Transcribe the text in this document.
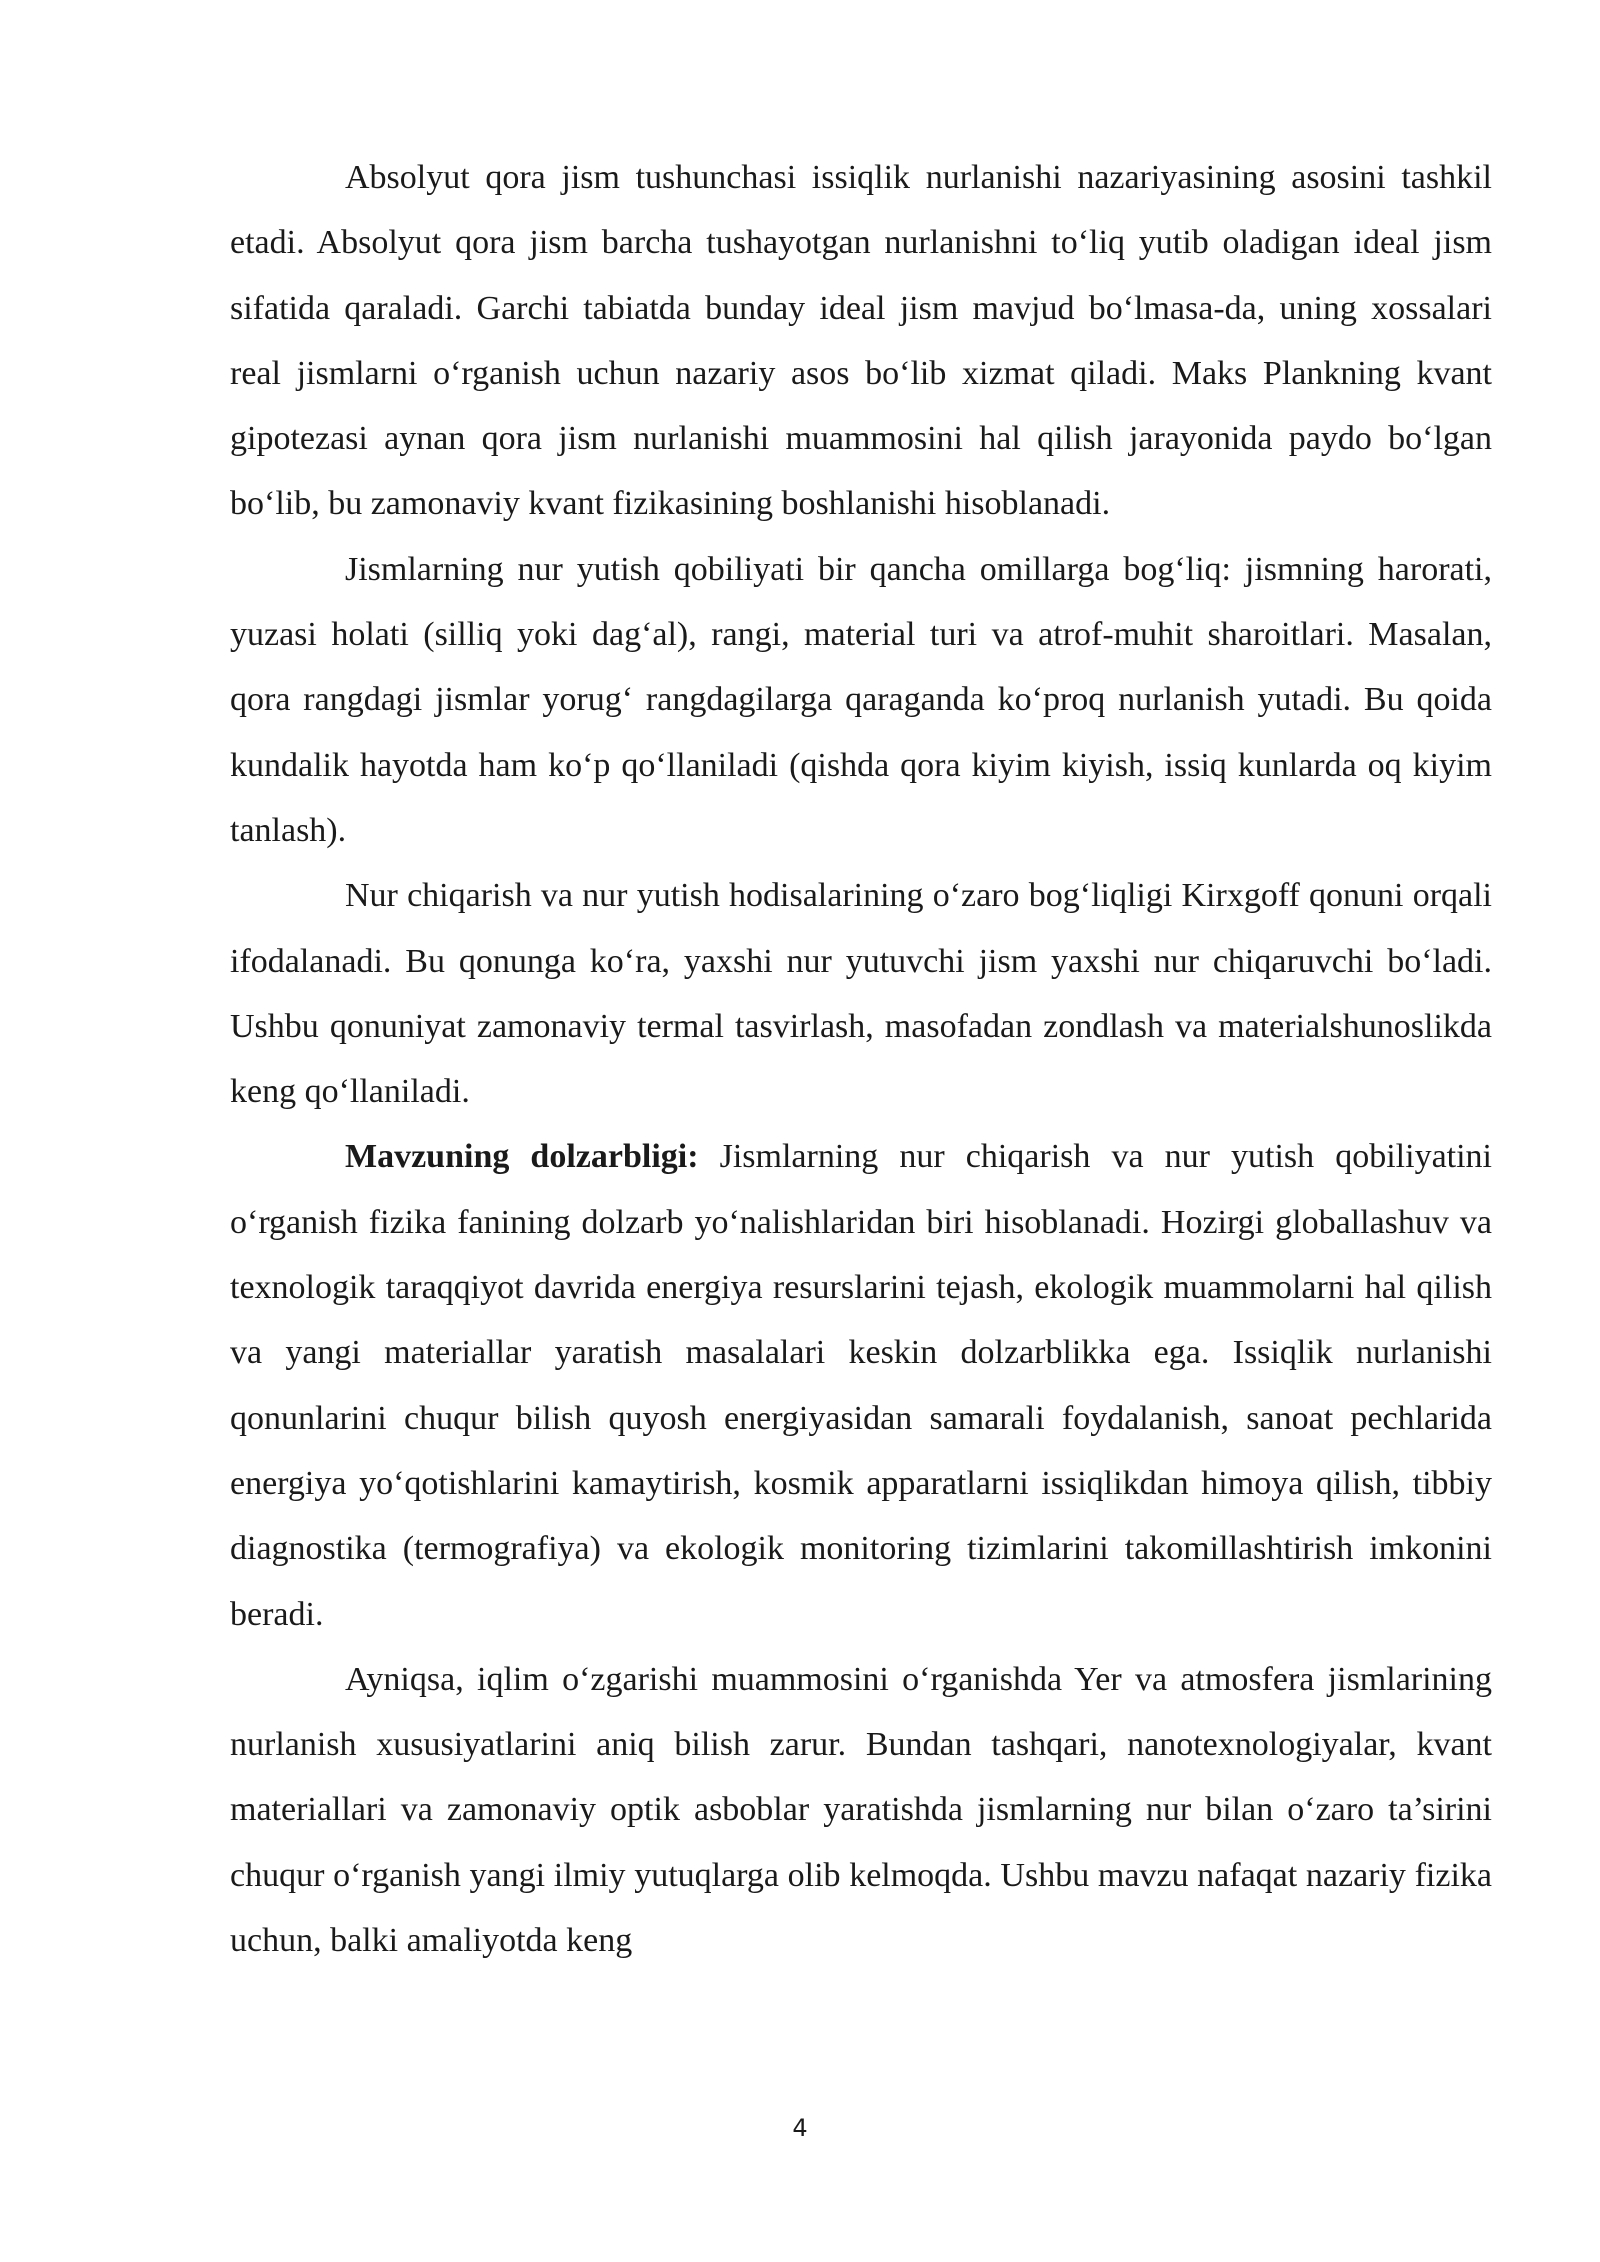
Absolyut qora jism tushunchasi issiqlik nurlanishi nazariyasining asosini tashkil etadi. Absolyut qora jism barcha tushayotgan nurlanishni to‘liq yutib oladigan ideal jism sifatida qaraladi. Garchi tabiatda bunday ideal jism mavjud bo‘lmasa-da, uning xossalari real jismlarni o‘rganish uchun nazariy asos bo‘lib xizmat qiladi. Maks Plankning kvant gipotezasi aynan qora jism nurlanishi muammosini hal qilish jarayonida paydo bo‘lgan bo‘lib, bu zamonaviy kvant fizikasining boshlanishi hisoblanadi.

Jismlarning nur yutish qobiliyati bir qancha omillarga bog‘liq: jismning harorati, yuzasi holati (silliq yoki dag‘al), rangi, material turi va atrof-muhit sharoitlari. Masalan, qora rangdagi jismlar yorug‘ rangdagilarga qaraganda ko‘proq nurlanish yutadi. Bu qoida kundalik hayotda ham ko‘p qo‘llaniladi (qishda qora kiyim kiyish, issiq kunlarda oq kiyim tanlash).

Nur chiqarish va nur yutish hodisalarining o‘zaro bog‘liqligi Kirxgoff qonuni orqali ifodalanadi. Bu qonunga ko‘ra, yaxshi nur yutuvchi jism yaxshi nur chiqaruvchi bo‘ladi. Ushbu qonuniyat zamonaviy termal tasvirlash, masofadan zondlash va materialshunoslikda keng qo‘llaniladi.

Mavzuning dolzarbligi: Jismlarning nur chiqarish va nur yutish qobiliyatini o‘rganish fizika fanining dolzarb yo‘nalishlaridan biri hisoblanadi. Hozirgi globallashuv va texnologik taraqqiyot davrida energiya resurslarini tejash, ekologik muammolarni hal qilish va yangi materiallar yaratish masalalari keskin dolzarblikka ega. Issiqlik nurlanishi qonunlarini chuqur bilish quyosh energiyasidan samarali foydalanish, sanoat pechlarida energiya yo‘qotishlarini kamaytirish, kosmik apparatlarni issiqlikdan himoya qilish, tibbiy diagnostika (termografiya) va ekologik monitoring tizimlarini takomillashtirish imkonini beradi.

Ayniqsa, iqlim o‘zgarishi muammosini o‘rganishda Yer va atmosfera jismlarining nurlanish xususiyatlarini aniq bilish zarur. Bundan tashqari, nanotexnologiyalar, kvant materiallari va zamonaviy optik asboblar yaratishda jismlarning nur bilan o‘zaro ta’sirini chuqur o‘rganish yangi ilmiy yutuqlarga olib kelmoqda. Ushbu mavzu nafaqat nazariy fizika uchun, balki amaliyotda keng

4
